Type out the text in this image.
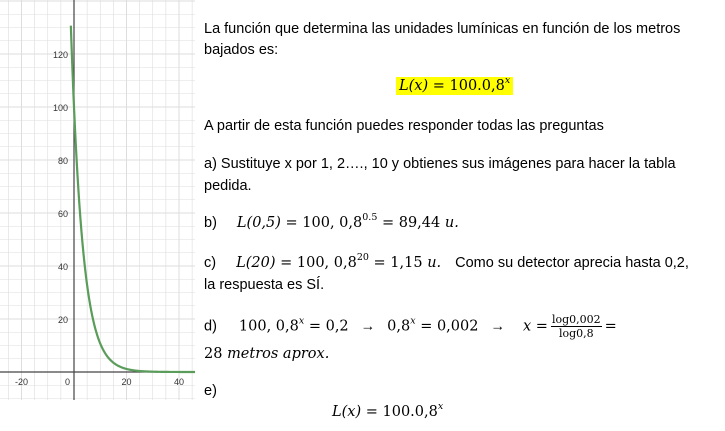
120
100
80
60
40
20
-20	0	20	40
La función que determina las unidades lumínicas en función de los metros
bajados es:
$L(x) = 100.0,8^x$
A partir de esta función puedes responder todas las preguntas
a) Sustituye x por 1, 2…., 10 y obtienes sus imágenes para hacer la tabla
pedida.
b) L(0,5) = 100, $0,8^{0.5} = 89,44$ u.
c) L(20) = 100, $0,8^{20} = 1,15$ u. Como su detector aprecia hasta 0,2,
la respuesta es SÍ.
d) 100, $0,8^x = 0,2 \to 0,8^x = 0,002 \to x = \frac{\log 0,002}{\log 0,8}$ =
28 metros aprox.
e)
$L(x) = 100.0,8^x$
